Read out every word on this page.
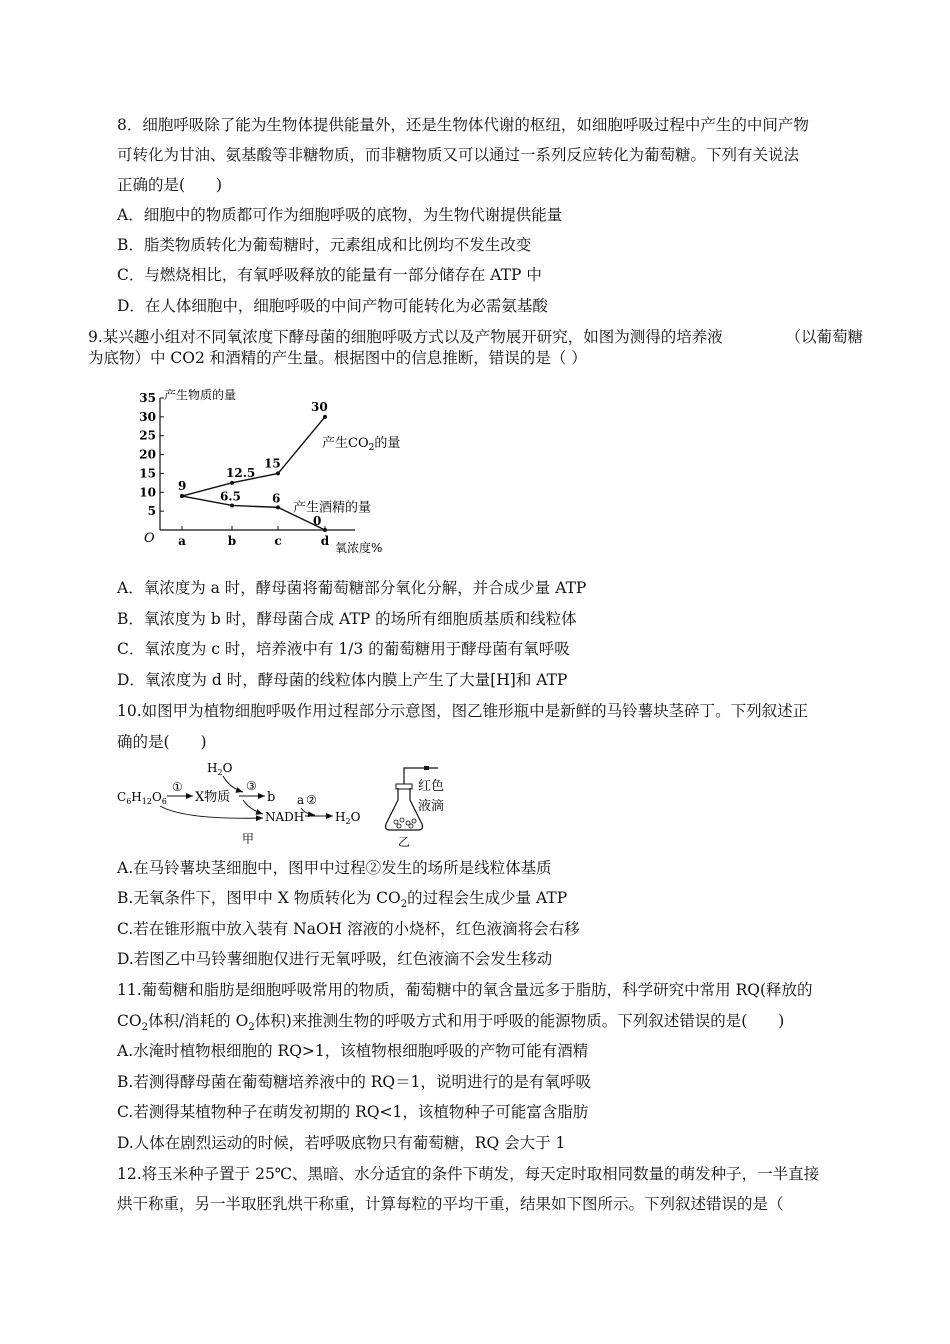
8．细胞呼吸除了能为生物体提供能量外，还是生物体代谢的枢纽，如细胞呼吸过程中产生的中间产物
可转化为甘油、氨基酸等非糖物质，而非糖物质又可以通过一系列反应转化为葡萄糖。下列有关说法
正确的是(　　)
A．细胞中的物质都可作为细胞呼吸的底物，为生物代谢提供能量
B．脂类物质转化为葡萄糖时，元素组成和比例均不发生改变
C．与燃烧相比，有氧呼吸释放的能量有一部分储存在 ATP 中
D．在人体细胞中，细胞呼吸的中间产物可能转化为必需氨基酸
9.某兴趣小组对不同氧浓度下酵母菌的细胞呼吸方式以及产物展开研究，如图为测得的培养液	（以葡萄糖
为底物）中 CO2 和酒精的产生量。根据图中的信息推断，错误的是（ ）
5
10
15
20
25
30
35
a	b	c	d
9
12.5
15
30
6.5	6
0
产生$CO_2$的量
产生酒精的量
产生物质的量
氧浓度%
O
A．氧浓度为 a 时，酵母菌将葡萄糖部分氧化分解，并合成少量 ATP
B．氧浓度为 b 时，酵母菌合成 ATP 的场所有细胞质基质和线粒体
C．氧浓度为 c 时，培养液中有 1/3 的葡萄糖用于酵母菌有氧呼吸
D．氧浓度为 d 时，酵母菌的线粒体内膜上产生了大量[H]和 ATP
10.如图甲为植物细胞呼吸作用过程部分示意图，图乙锥形瓶中是新鲜的马铃薯块茎碎丁。下列叙述正
确的是(　　)
$C_6H_{12}O_6$
①
X物质
$H_2O$
③
b
NADH
a ②
$H_2O$
甲
红色
液滴
乙
A.在马铃薯块茎细胞中，图甲中过程②发生的场所是线粒体基质
B.无氧条件下，图甲中 X 物质转化为 $CO_2$的过程会生成少量 ATP
C.若在锥形瓶中放入装有 NaOH 溶液的小烧杯，红色液滴将会右移
D.若图乙中马铃薯细胞仅进行无氧呼吸，红色液滴不会发生移动
11.葡萄糖和脂肪是细胞呼吸常用的物质，葡萄糖中的氧含量远多于脂肪，科学研究中常用 RQ(释放的
$CO_2$体积/消耗的 $O_2$体积)来推测生物的呼吸方式和用于呼吸的能源物质。下列叙述错误的是(　　)
A.水淹时植物根细胞的 RQ>1，该植物根细胞呼吸的产物可能有酒精
B.若测得酵母菌在葡萄糖培养液中的 RQ＝1，说明进行的是有氧呼吸
C.若测得某植物种子在萌发初期的 RQ<1，该植物种子可能富含脂肪
D.人体在剧烈运动的时候，若呼吸底物只有葡萄糖，RQ 会大于 1
12.将玉米种子置于 25℃、黑暗、水分适宜的条件下萌发，每天定时取相同数量的萌发种子，一半直接
烘干称重，另一半取胚乳烘干称重，计算每粒的平均干重，结果如下图所示。下列叙述错误的是（
